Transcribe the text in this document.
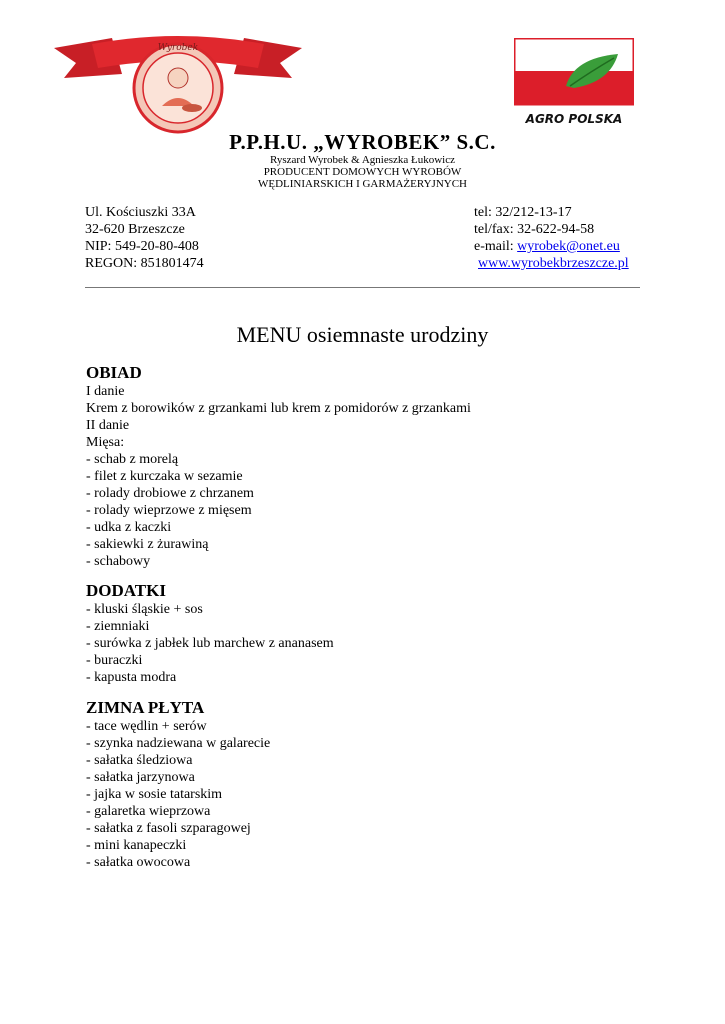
Wyrobek
AGRO POLSKA
P.P.H.U. „WYROBEK” S.C.
Ryszard Wyrobek & Agnieszka Łukowicz
PRODUCENT DOMOWYCH WYROBÓW
WĘDLINIARSKICH I GARMAŻERYJNYCH
Ul. Kościuszki 33A
32-620 Brzeszcze
NIP: 549-20-80-408
REGON: 851801474
tel: 32/212-13-17
tel/fax: 32-622-94-58
e-mail: wyrobek@onet.eu
www.wyrobekbrzeszcze.pl
MENU osiemnaste urodziny
OBIAD
I danie
Krem z borowików z grzankami lub krem z pomidorów z grzankami
II danie
Mięsa:
- schab z morelą
- filet z kurczaka w sezamie
- rolady drobiowe z chrzanem
- rolady wieprzowe z mięsem
- udka z kaczki
- sakiewki z żurawiną
- schabowy
DODATKI
- kluski śląskie + sos
- ziemniaki
- surówka z jabłek lub marchew z ananasem
- buraczki
- kapusta modra
ZIMNA PŁYTA
- tace wędlin + serów
- szynka nadziewana w galarecie
- sałatka śledziowa
- sałatka jarzynowa
- jajka w sosie tatarskim
- galaretka wieprzowa
- sałatka z fasoli szparagowej
- mini kanapeczki
- sałatka owocowa
